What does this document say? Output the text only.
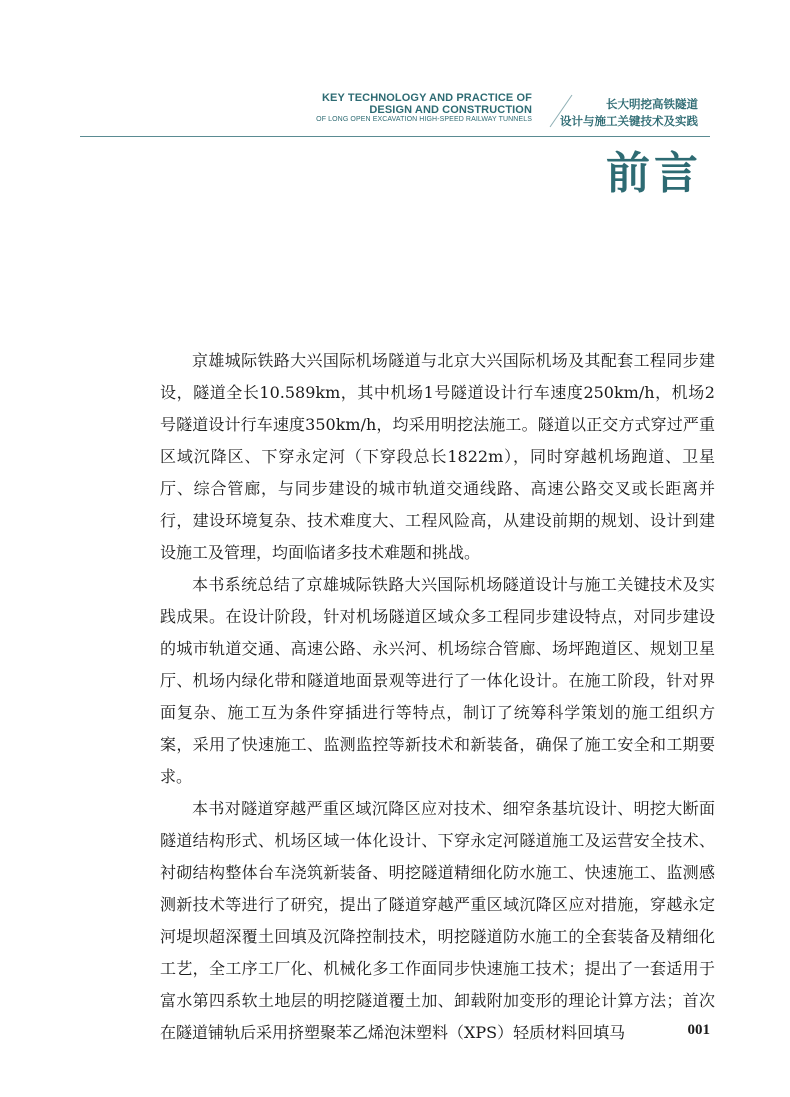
KEY TECHNOLOGY AND PRACTICE OF
DESIGN AND CONSTRUCTION
OF LONG OPEN EXCAVATION HIGH-SPEED RAILWAY TUNNELS
长大明挖高铁隧道
设计与施工关键技术及实践
前言

京雄城际铁路大兴国际机场隧道与北京大兴国际机场及其配套工程同步建设，隧道全长10.589km，其中机场1号隧道设计行车速度250km/h，机场2号隧道设计行车速度350km/h，均采用明挖法施工。隧道以正交方式穿过严重区域沉降区、下穿永定河（下穿段总长1822m），同时穿越机场跑道、卫星厅、综合管廊，与同步建设的城市轨道交通线路、高速公路交叉或长距离并行，建设环境复杂、技术难度大、工程风险高，从建设前期的规划、设计到建设施工及管理，均面临诸多技术难题和挑战。

本书系统总结了京雄城际铁路大兴国际机场隧道设计与施工关键技术及实践成果。在设计阶段，针对机场隧道区域众多工程同步建设特点，对同步建设的城市轨道交通、高速公路、永兴河、机场综合管廊、场坪跑道区、规划卫星厅、机场内绿化带和隧道地面景观等进行了一体化设计。在施工阶段，针对界面复杂、施工互为条件穿插进行等特点，制订了统筹科学策划的施工组织方案，采用了快速施工、监测监控等新技术和新装备，确保了施工安全和工期要求。

本书对隧道穿越严重区域沉降区应对技术、细窄条基坑设计、明挖大断面隧道结构形式、机场区域一体化设计、下穿永定河隧道施工及运营安全技术、衬砌结构整体台车浇筑新装备、明挖隧道精细化防水施工、快速施工、监测感测新技术等进行了研究，提出了隧道穿越严重区域沉降区应对措施，穿越永定河堤坝超深覆土回填及沉降控制技术，明挖隧道防水施工的全套装备及精细化工艺，全工序工厂化、机械化多工作面同步快速施工技术；提出了一套适用于富水第四系软土地层的明挖隧道覆土加、卸载附加变形的理论计算方法；首次在隧道铺轨后采用挤塑聚苯乙烯泡沫塑料（XPS）轻质材料回填马	001
